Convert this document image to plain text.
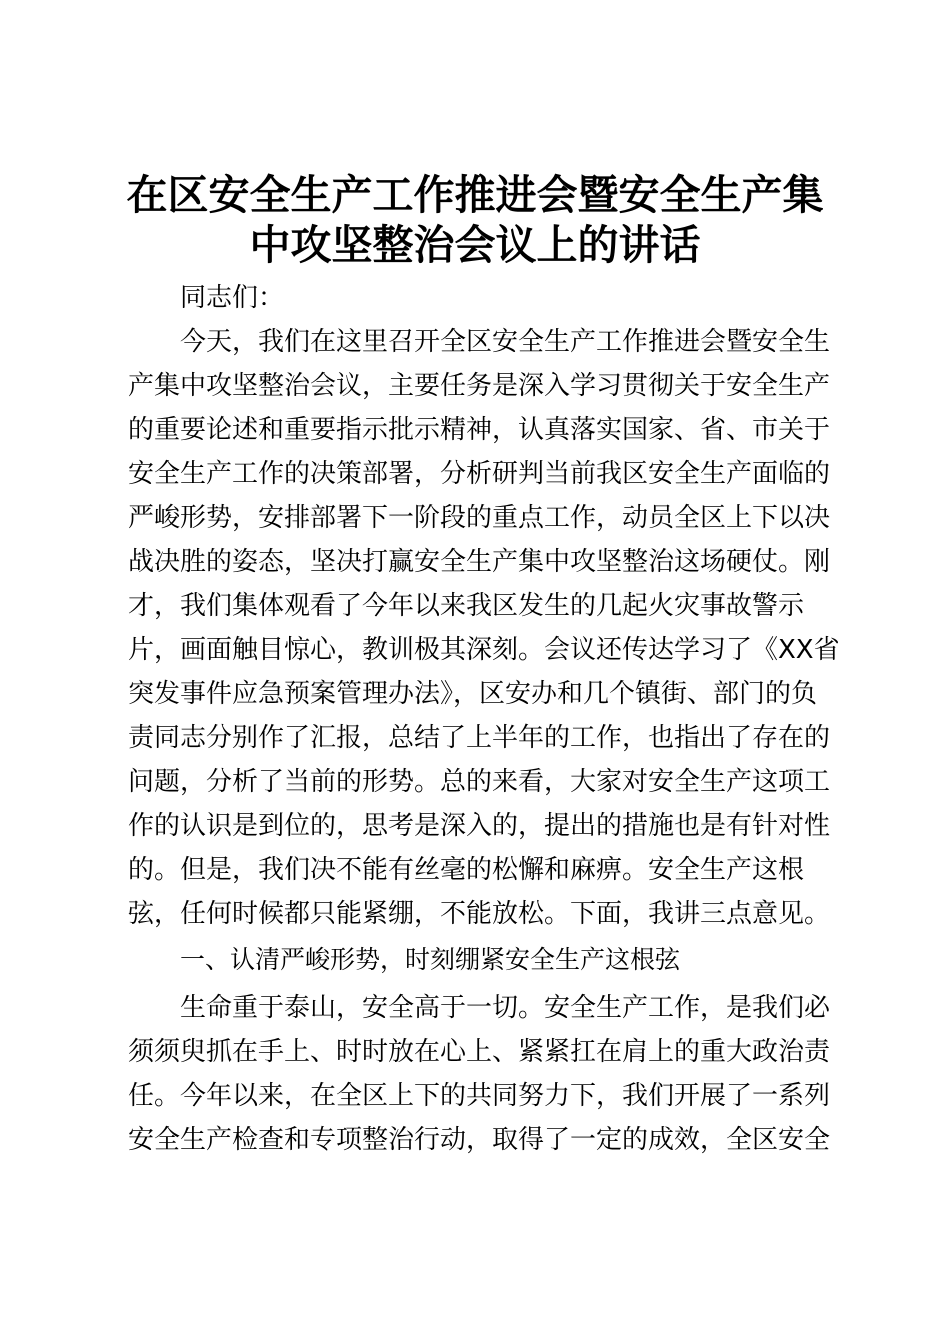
在区安全生产工作推进会暨安全生产集
中攻坚整治会议上的讲话

同志们：

今天，我们在这里召开全区安全生产工作推进会暨安全生

产集中攻坚整治会议，主要任务是深入学习贯彻关于安全生产

的重要论述和重要指示批示精神，认真落实国家、省、市关于

安全生产工作的决策部署，分析研判当前我区安全生产面临的

严峻形势，安排部署下一阶段的重点工作，动员全区上下以决

战决胜的姿态，坚决打赢安全生产集中攻坚整治这场硬仗。刚

才，我们集体观看了今年以来我区发生的几起火灾事故警示

片，画面触目惊心，教训极其深刻。会议还传达学习了《XX省

突发事件应急预案管理办法》，区安办和几个镇街、部门的负

责同志分别作了汇报，总结了上半年的工作，也指出了存在的

问题，分析了当前的形势。总的来看，大家对安全生产这项工

作的认识是到位的，思考是深入的，提出的措施也是有针对性

的。但是，我们决不能有丝毫的松懈和麻痹。安全生产这根

弦，任何时候都只能紧绷，不能放松。下面，我讲三点意见。

一、认清严峻形势，时刻绷紧安全生产这根弦

生命重于泰山，安全高于一切。安全生产工作，是我们必

须须臾抓在手上、时时放在心上、紧紧扛在肩上的重大政治责

任。今年以来，在全区上下的共同努力下，我们开展了一系列

安全生产检查和专项整治行动，取得了一定的成效，全区安全
